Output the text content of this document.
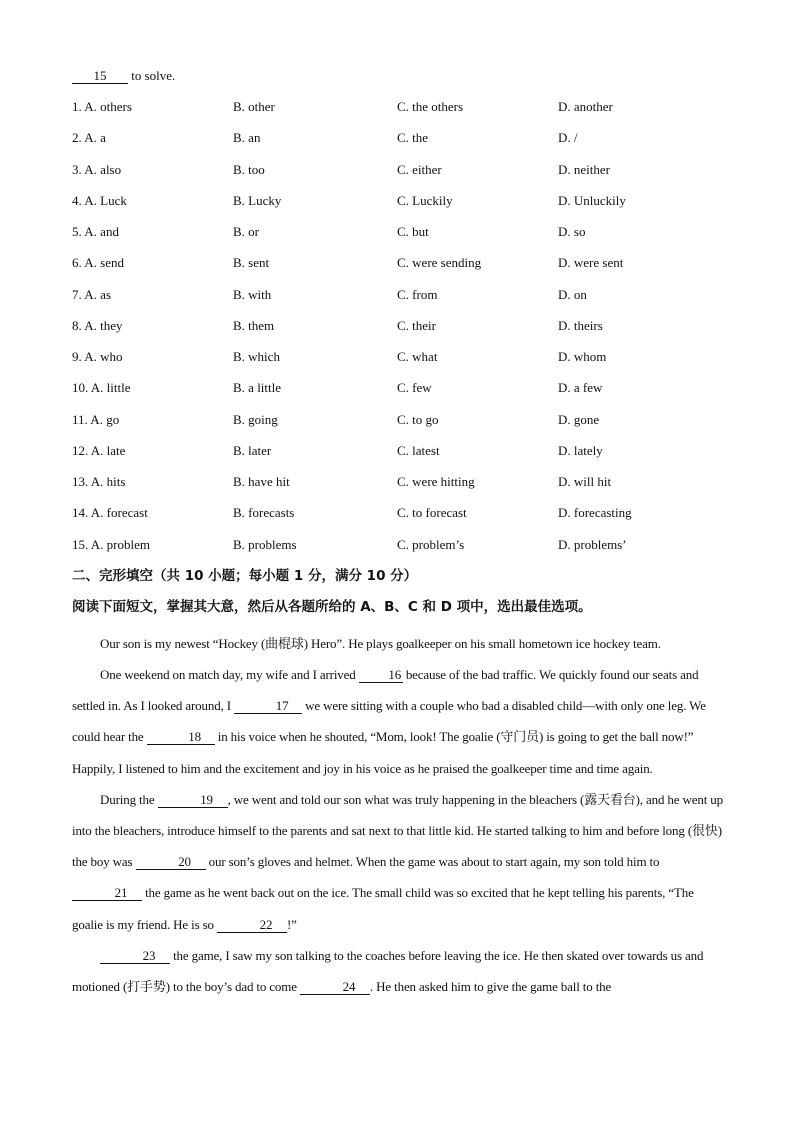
15 to solve.
1. A. others	B. other	C. the others	D. another
2. A. a	B. an	C. the	D. /
3. A. also	B. too	C. either	D. neither
4. A. Luck	B. Lucky	C. Luckily	D. Unluckily
5. A. and	B. or	C. but	D. so
6. A. send	B. sent	C. were sending	D. were sent
7. A. as	B. with	C. from	D. on
8. A. they	B. them	C. their	D. theirs
9. A. who	B. which	C. what	D. whom
10. A. little	B. a little	C. few	D. a few
11. A. go	B. going	C. to go	D. gone
12. A. late	B. later	C. latest	D. lately
13. A. hits	B. have hit	C. were hitting	D. will hit
14. A. forecast	B. forecasts	C. to forecast	D. forecasting
15. A. problem	B. problems	C. problem’s	D. problems’
二、完形填空（共 10 小题；每小题 1 分，满分 10 分）
阅读下面短文，掌握其大意，然后从各题所给的 A、B、C 和 D 项中，选出最佳选项。

Our son is my newest “Hockey (曲棍球) Hero”. He plays goalkeeper on his small hometown ice hockey team.

One weekend on match day, my wife and I arrived 16 because of the bad traffic. We quickly found our seats and settled in. As I looked around, I	17 we were sitting with a couple who bad a disabled child—with only one leg. We could hear the	18 in his voice when he shouted, “Mom, look! The goalie (守门员) is going to get the ball now!” Happily, I listened to him and the excitement and joy in his voice as he praised the goalkeeper time and time again.

During the	19 , we went and told our son what was truly happening in the bleachers (露天看台), and he went up into the bleachers, introduce himself to the parents and sat next to that little kid. He started talking to him and before long (很快) the boy was	20 our son’s gloves and helmet. When the game was about to start again, my son told him to 21 the game as he went back out on the ice. The small child was so excited that he kept telling his parents, “The goalie is my friend. He is so	22 !”

23 the game, I saw my son talking to the coaches before leaving the ice. He then skated over towards us and motioned (打手势) to the boy’s dad to come	24 . He then asked him to give the game ball to the
